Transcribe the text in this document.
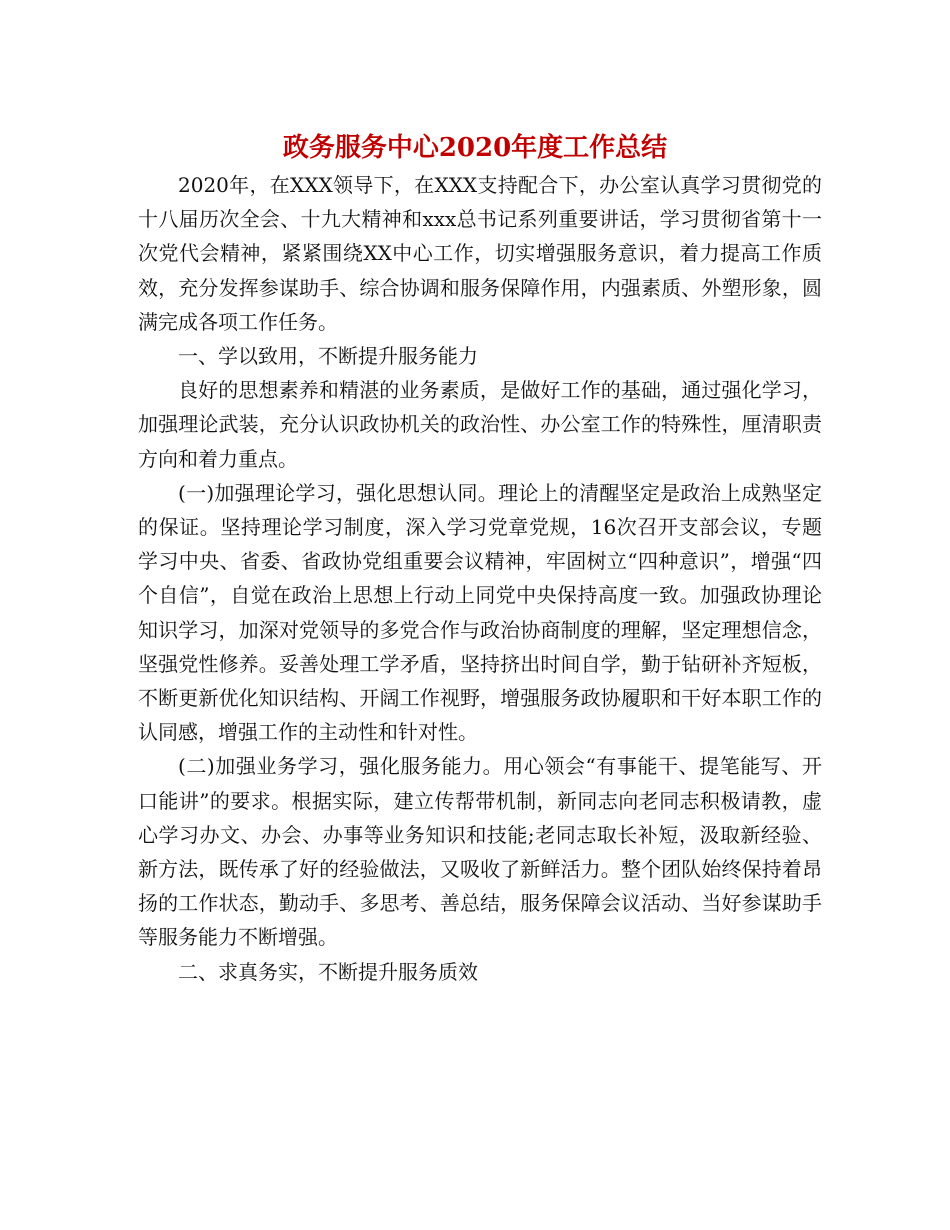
政务服务中心2020年度工作总结

2020年，在XXX领导下，在XXX支持配合下，办公室认真学习贯彻党的十八届历次全会、十九大精神和xxx总书记系列重要讲话，学习贯彻省第十一次党代会精神，紧紧围绕XX中心工作，切实增强服务意识，着力提高工作质效，充分发挥参谋助手、综合协调和服务保障作用，内强素质、外塑形象，圆满完成各项工作任务。

一、学以致用，不断提升服务能力

良好的思想素养和精湛的业务素质，是做好工作的基础，通过强化学习，加强理论武装，充分认识政协机关的政治性、办公室工作的特殊性，厘清职责方向和着力重点。

(一)加强理论学习，强化思想认同。理论上的清醒坚定是政治上成熟坚定的保证。坚持理论学习制度，深入学习党章党规，16次召开支部会议，专题学习中央、省委、省政协党组重要会议精神，牢固树立“四种意识”，增强“四个自信”，自觉在政治上思想上行动上同党中央保持高度一致。加强政协理论知识学习，加深对党领导的多党合作与政治协商制度的理解，坚定理想信念，坚强党性修养。妥善处理工学矛盾，坚持挤出时间自学，勤于钻研补齐短板，不断更新优化知识结构、开阔工作视野，增强服务政协履职和干好本职工作的认同感，增强工作的主动性和针对性。

(二)加强业务学习，强化服务能力。用心领会“有事能干、提笔能写、开口能讲”的要求。根据实际，建立传帮带机制，新同志向老同志积极请教，虚心学习办文、办会、办事等业务知识和技能;老同志取长补短，汲取新经验、新方法，既传承了好的经验做法，又吸收了新鲜活力。整个团队始终保持着昂扬的工作状态，勤动手、多思考、善总结，服务保障会议活动、当好参谋助手等服务能力不断增强。

二、求真务实，不断提升服务质效
